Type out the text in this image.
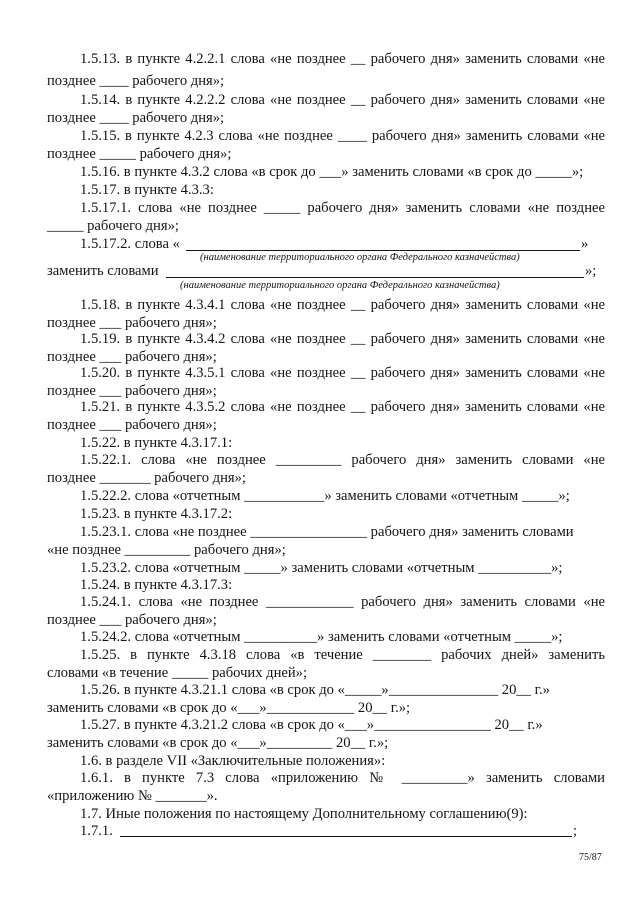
1.5.13. в пункте 4.2.2.1 слова «не позднее __ рабочего дня» заменить словами «не
позднее ____ рабочего дня»;
1.5.14. в пункте 4.2.2.2 слова «не позднее __ рабочего дня» заменить словами «не
позднее ____ рабочего дня»;
1.5.15. в пункте 4.2.3 слова «не позднее ____ рабочего дня» заменить словами «не
позднее _____ рабочего дня»;
1.5.16. в пункте 4.3.2 слова «в срок до ___» заменить словами «в срок до _____»;
1.5.17. в пункте 4.3.3:
1.5.17.1. слова «не позднее _____ рабочего дня» заменить словами «не позднее
_____ рабочего дня»;
1.5.17.2. слова «	»
(наименование территориального органа Федерального казначейства)
заменить словами	»;
(наименование территориального органа Федерального казначейства)
1.5.18. в пункте 4.3.4.1 слова «не позднее __ рабочего дня» заменить словами «не
позднее ___ рабочего дня»;
1.5.19. в пункте 4.3.4.2 слова «не позднее __ рабочего дня» заменить словами «не
позднее ___ рабочего дня»;
1.5.20. в пункте 4.3.5.1 слова «не позднее __ рабочего дня» заменить словами «не
позднее ___ рабочего дня»;
1.5.21. в пункте 4.3.5.2 слова «не позднее __ рабочего дня» заменить словами «не
позднее ___ рабочего дня»;
1.5.22. в пункте 4.3.17.1:
1.5.22.1. слова «не позднее _________ рабочего дня» заменить словами «не
позднее _______ рабочего дня»;
1.5.22.2. слова «отчетным ___________» заменить словами «отчетным _____»;
1.5.23. в пункте 4.3.17.2:
1.5.23.1. слова «не позднее ________________ рабочего дня» заменить словами
«не позднее _________ рабочего дня»;
1.5.23.2. слова «отчетным _____» заменить словами «отчетным __________»;
1.5.24. в пункте 4.3.17.3:
1.5.24.1. слова «не позднее ____________ рабочего дня» заменить словами «не
позднее ___ рабочего дня»;
1.5.24.2. слова «отчетным __________» заменить словами «отчетным _____»;
1.5.25. в пункте 4.3.18 слова «в течение ________ рабочих дней» заменить
словами «в течение _____ рабочих дней»;
1.5.26. в пункте 4.3.21.1 слова «в срок до «_____»_______________ 20__ г.»
заменить словами «в срок до «___»____________ 20__ г.»;
1.5.27. в пункте 4.3.21.2 слова «в срок до «___»________________ 20__ г.»
заменить словами «в срок до «___»_________ 20__ г.»;
1.6. в разделе VII «Заключительные положения»:
1.6.1. в пункте 7.3 слова «приложению № _________» заменить словами
«приложению № _______».
1.7. Иные положения по настоящему Дополнительному соглашению(9):
1.7.1.	;
75/87
